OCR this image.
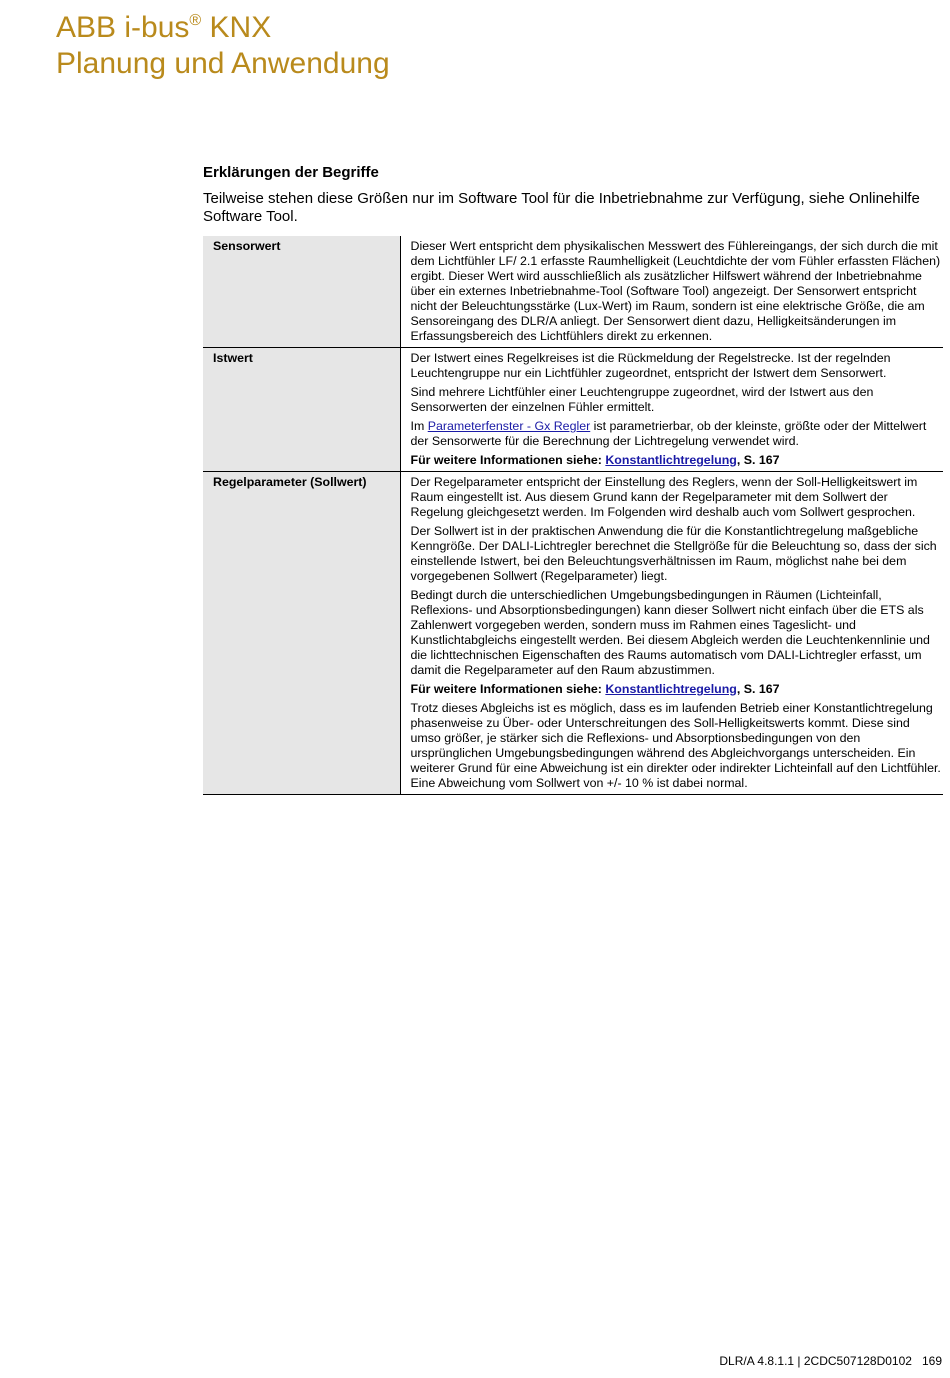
ABB i-bus® KNX
Planung und Anwendung
Erklärungen der Begriffe
Teilweise stehen diese Größen nur im Software Tool für die Inbetriebnahme zur Verfügung, siehe Onlinehilfe Software Tool.
Sensorwert	Dieser Wert entspricht dem physikalischen Messwert des Fühlereingangs, der sich durch die mit dem Lichtfühler LF/ 2.1 erfasste Raumhelligkeit (Leuchtdichte der vom Fühler erfassten Flächen) ergibt. Dieser Wert wird ausschließlich als zusätzlicher Hilfswert während der Inbetriebnahme über ein externes Inbetriebnahme-Tool (Software Tool) angezeigt. Der Sensorwert entspricht nicht der Beleuchtungsstärke (Lux-Wert) im Raum, sondern ist eine elektrische Größe, die am Sensoreingang des DLR/A anliegt. Der Sensorwert dient dazu, Helligkeitsänderungen im Erfassungsbereich des Lichtfühlers direkt zu erkennen.

Istwert	Der Istwert eines Regelkreises ist die Rückmeldung der Regelstrecke. Ist der regelnden Leuchtengruppe nur ein Lichtfühler zugeordnet, entspricht der Istwert dem Sensorwert.
Sind mehrere Lichtfühler einer Leuchtengruppe zugeordnet, wird der Istwert aus den Sensorwerten der einzelnen Fühler ermittelt.
Im Parameterfenster - Gx Regler ist parametrierbar, ob der kleinste, größte oder der Mittelwert der Sensorwerte für die Berechnung der Lichtregelung verwendet wird.
Für weitere Informationen siehe: Konstantlichtregelung, S. 167

Regelparameter (Sollwert)	Der Regelparameter entspricht der Einstellung des Reglers, wenn der Soll-Helligkeitswert im Raum eingestellt ist. Aus diesem Grund kann der Regelparameter mit dem Sollwert der Regelung gleichgesetzt werden. Im Folgenden wird deshalb auch vom Sollwert gesprochen.
Der Sollwert ist in der praktischen Anwendung die für die Konstantlichtregelung maßgebliche Kenngröße. Der DALI-Lichtregler berechnet die Stellgröße für die Beleuchtung so, dass der sich einstellende Istwert, bei den Beleuchtungsverhältnissen im Raum, möglichst nahe bei dem vorgegebenen Sollwert (Regelparameter) liegt.
Bedingt durch die unterschiedlichen Umgebungsbedingungen in Räumen (Lichteinfall, Reflexions- und Absorptionsbedingungen) kann dieser Sollwert nicht einfach über die ETS als Zahlenwert vorgegeben werden, sondern muss im Rahmen eines Tageslicht- und Kunstlichtabgleichs eingestellt werden. Bei diesem Abgleich werden die Leuchtenkennlinie und die lichttechnischen Eigenschaften des Raums automatisch vom DALI-Lichtregler erfasst, um damit die Regelparameter auf den Raum abzustimmen.
Für weitere Informationen siehe: Konstantlichtregelung, S. 167
Trotz dieses Abgleichs ist es möglich, dass es im laufenden Betrieb einer Konstantlichtregelung phasenweise zu Über- oder Unterschreitungen des Soll-Helligkeitswerts kommt. Diese sind umso größer, je stärker sich die Reflexions- und Absorptionsbedingungen von den ursprünglichen Umgebungsbedingungen während des Abgleichvorgangs unterscheiden. Ein weiterer Grund für eine Abweichung ist ein direkter oder indirekter Lichteinfall auf den Lichtfühler. Eine Abweichung vom Sollwert von +/- 10 % ist dabei normal.
DLR/A 4.8.1.1 | 2CDC507128D0102 169
